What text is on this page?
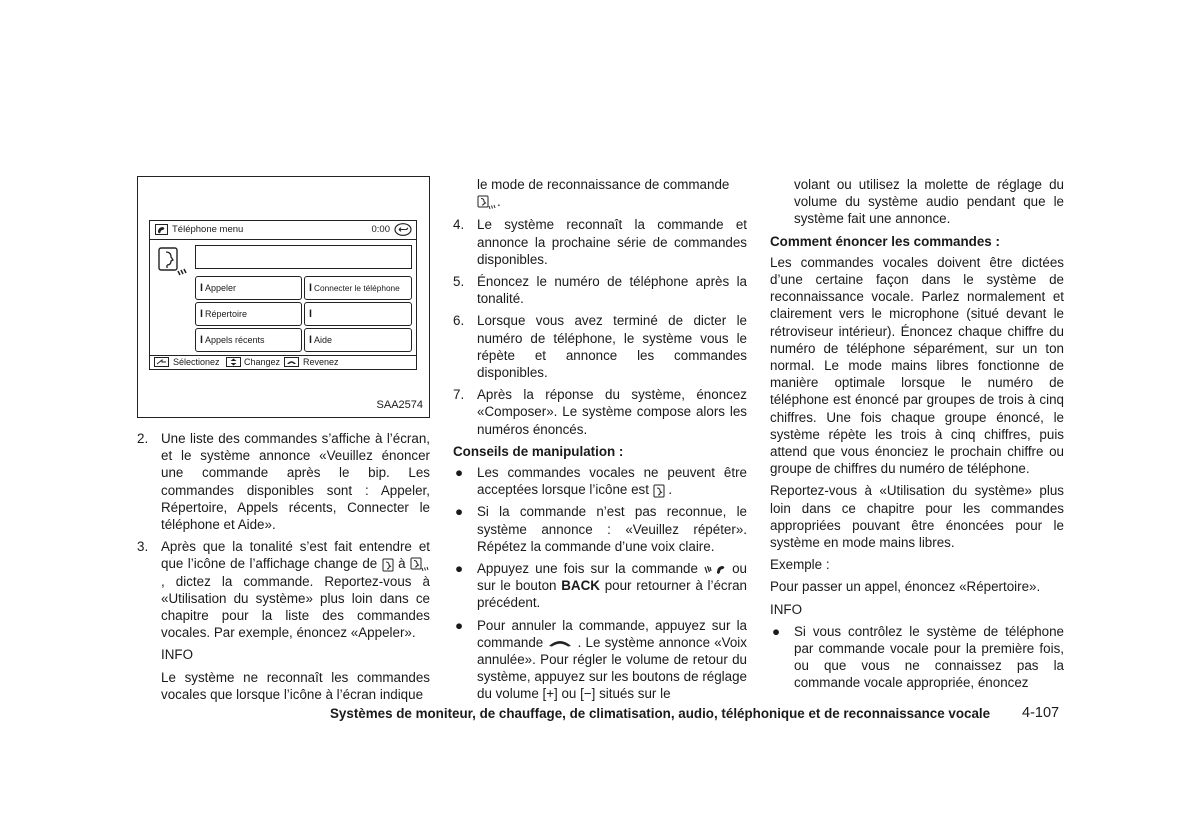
Téléphone menu	0:00
ꟾ Appeler	ꟾ Connecter le téléphone
ꟾ Répertoire	ꟾ
ꟾ Appels récents	ꟾ Aide
Sélectionez	Changez	Revenez
SAA2574
2. Une liste des commandes s’affiche à l’écran, et le système annonce «Veuillez énoncer une commande après le bip. Les commandes disponibles sont : Appeler, Répertoire, Appels récents, Connecter le téléphone et Aide».
3. Après que la tonalité s’est fait entendre et que l’icône de l’affichage change de à  , dictez la commande. Reportez-vous à «Utilisation du système» plus loin dans ce chapitre pour la liste des commandes vocales. Par exemple, énoncez «Appeler».

INFO

Le système ne reconnaît les commandes vocales que lorsque l’icône à l’écran indique

le mode de reconnaissance de commande
.

4. Le système reconnaît la commande et annonce la prochaine série de commandes disponibles.
5. Énoncez le numéro de téléphone après la tonalité.
6. Lorsque vous avez terminé de dicter le numéro de téléphone, le système vous le répète et annonce les commandes disponibles.
7. Après la réponse du système, énoncez «Composer». Le système compose alors les numéros énoncés.
Conseils de manipulation :
● Les commandes vocales ne peuvent être acceptées lorsque l’icône est .
● Si la commande n’est pas reconnue, le système annonce : «Veuillez répéter». Répétez la commande d’une voix claire.
● Appuyez une fois sur la commande	ou sur le bouton BACK pour retourner à l’écran précédent.
● Pour annuler la commande, appuyez sur la commande	. Le système annonce «Voix annulée». Pour régler le volume de retour du système, appuyez sur les boutons de réglage du volume [+] ou [−] situés sur le

volant ou utilisez la molette de réglage du volume du système audio pendant que le système fait une annonce.

Comment énoncer les commandes :

Les commandes vocales doivent être dictées d’une certaine façon dans le système de reconnaissance vocale. Parlez normalement et clairement vers le microphone (situé devant le rétroviseur intérieur). Énoncez chaque chiffre du numéro de téléphone séparément, sur un ton normal. Le mode mains libres fonctionne de manière optimale lorsque le numéro de téléphone est énoncé par groupes de trois à cinq chiffres. Une fois chaque groupe énoncé, le système répète les trois à cinq chiffres, puis attend que vous énonciez le prochain chiffre ou groupe de chiffres du numéro de téléphone.

Reportez-vous à «Utilisation du système» plus loin dans ce chapitre pour les commandes appropriées pouvant être énoncées pour le système en mode mains libres.

Exemple :

Pour passer un appel, énoncez «Répertoire».

INFO

● Si vous contrôlez le système de téléphone par commande vocale pour la première fois, ou que vous ne connaissez pas la commande vocale appropriée, énoncez
Systèmes de moniteur, de chauffage, de climatisation, audio, téléphonique et de reconnaissance vocale 4-107
